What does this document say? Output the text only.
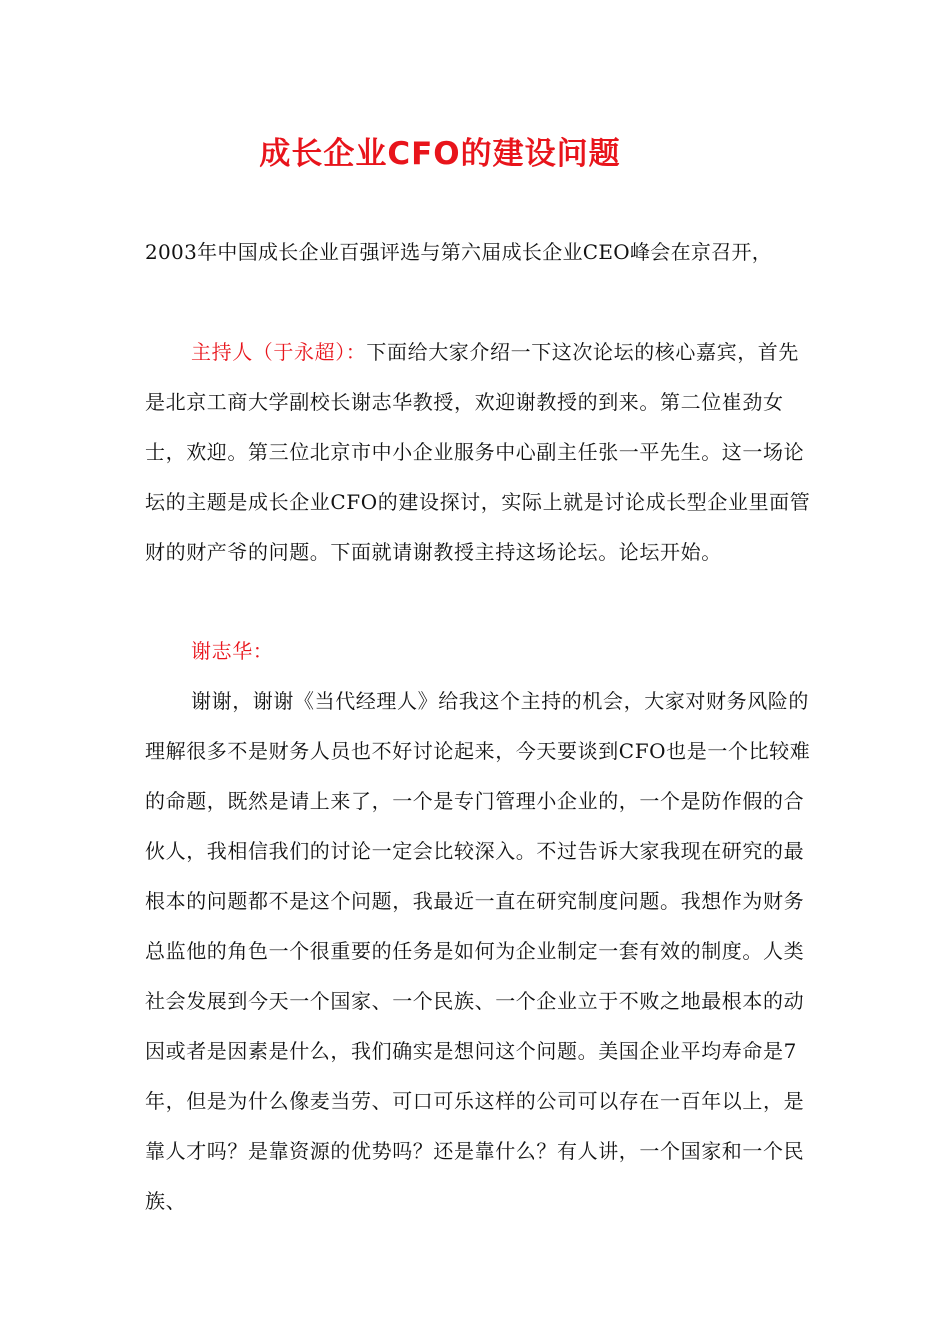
成长企业CFO的建设问题
2003年中国成长企业百强评选与第六届成长企业CEO峰会在京召开，
主持人（于永超）：下面给大家介绍一下这次论坛的核心嘉宾，首先是北京工商大学副校长谢志华教授，欢迎谢教授的到来。第二位崔劲女士，欢迎。第三位北京市中小企业服务中心副主任张一平先生。这一场论坛的主题是成长企业CFO的建设探讨，实际上就是讨论成长型企业里面管财的财产爷的问题。下面就请谢教授主持这场论坛。论坛开始。
谢志华：
谢谢，谢谢《当代经理人》给我这个主持的机会，大家对财务风险的理解很多不是财务人员也不好讨论起来，今天要谈到CFO也是一个比较难的命题，既然是请上来了，一个是专门管理小企业的，一个是防作假的合伙人，我相信我们的讨论一定会比较深入。不过告诉大家我现在研究的最根本的问题都不是这个问题，我最近一直在研究制度问题。我想作为财务总监他的角色一个很重要的任务是如何为企业制定一套有效的制度。人类社会发展到今天一个国家、一个民族、一个企业立于不败之地最根本的动因或者是因素是什么，我们确实是想问这个问题。美国企业平均寿命是7年，但是为什么像麦当劳、可口可乐这样的公司可以存在一百年以上，是靠人才吗？是靠资源的优势吗？还是靠什么？有人讲，一个国家和一个民族、
